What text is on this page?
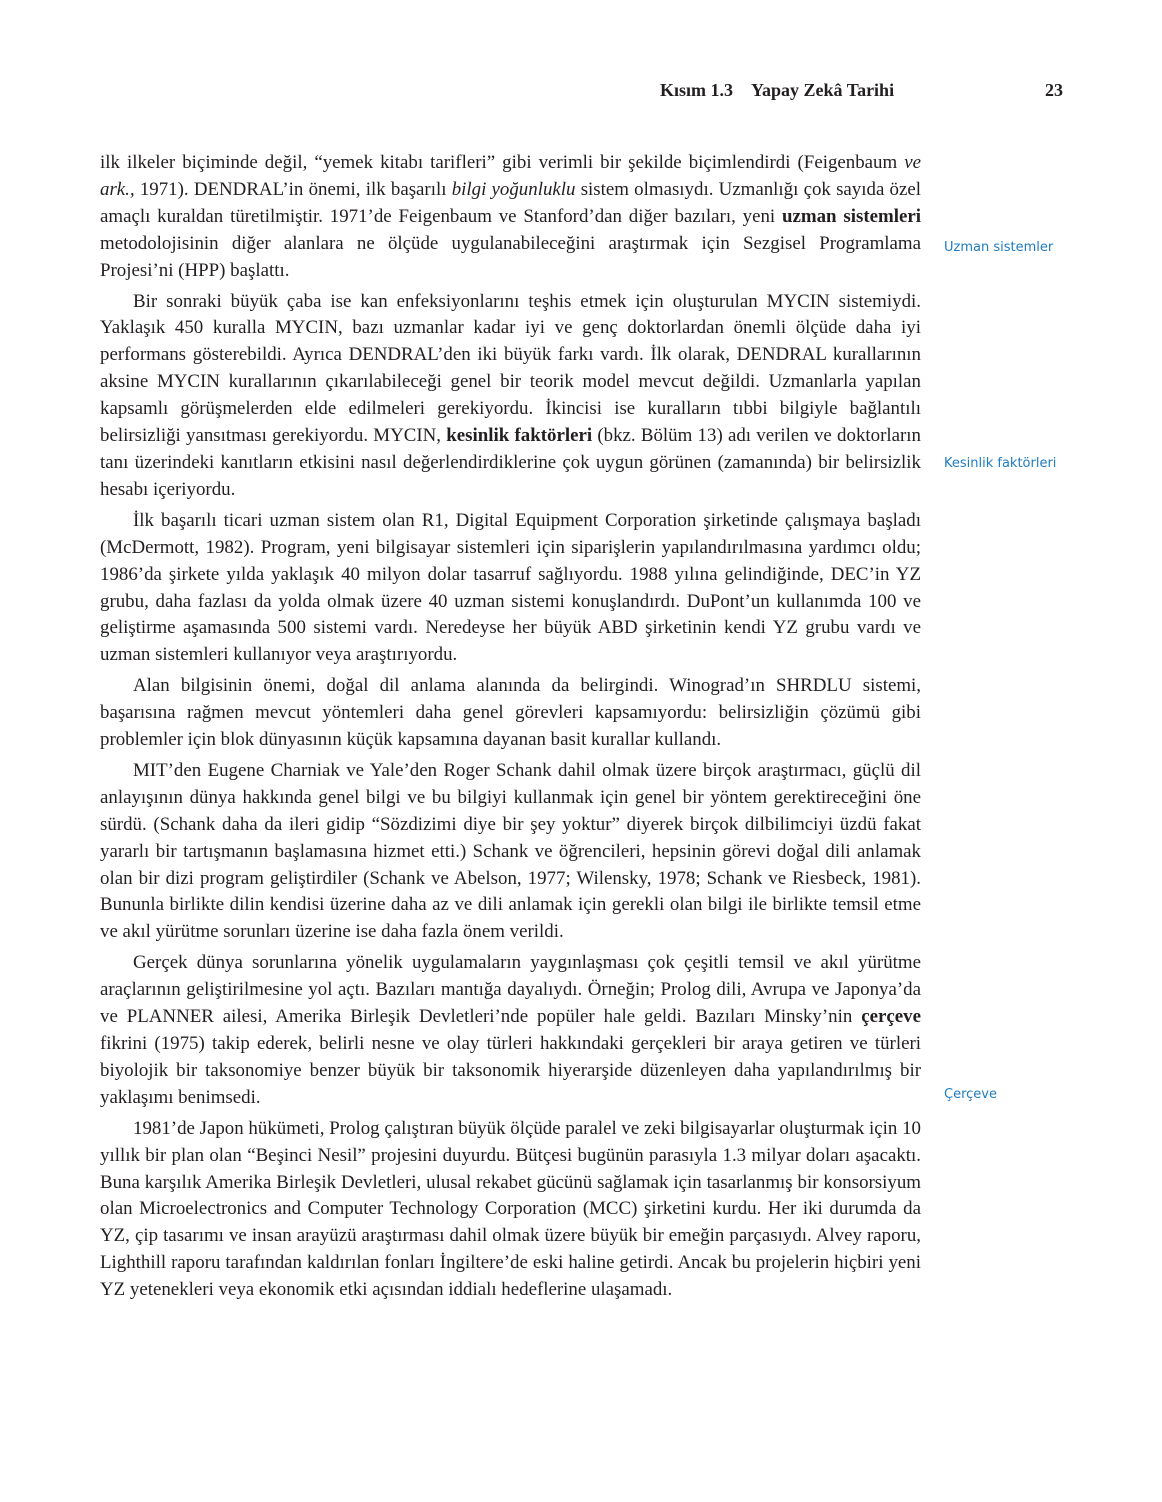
Kısım 1.3 Yapay Zekâ Tarihi	23

ilk ilkeler biçiminde değil, “yemek kitabı tarifleri” gibi verimli bir şekilde biçimlendirdi (Feigenbaum ve ark., 1971). DENDRAL’in önemi, ilk başarılı bilgi yoğunluklu sistem olmasıydı. Uzmanlığı çok sayıda özel amaçlı kuraldan türetilmiştir. 1971’de Feigenbaum ve Stanford’dan diğer bazıları, yeni uzman sistemleri metodolojisinin diğer alanlara ne ölçüde uygulanabileceğini araştırmak için Sezgisel Programlama Projesi’ni (HPP) başlattı.

Bir sonraki büyük çaba ise kan enfeksiyonlarını teşhis etmek için oluşturulan MYCIN sistemiydi. Yaklaşık 450 kuralla MYCIN, bazı uzmanlar kadar iyi ve genç doktorlardan önemli ölçüde daha iyi performans gösterebildi. Ayrıca DENDRAL’den iki büyük farkı vardı. İlk olarak, DENDRAL kurallarının aksine MYCIN kurallarının çıkarılabileceği genel bir teorik model mevcut değildi. Uzmanlarla yapılan kapsamlı görüşmelerden elde edilmeleri gerekiyordu. İkincisi ise kuralların tıbbi bilgiyle bağlantılı belirsizliği yansıtması gerekiyordu. MYCIN, kesinlik faktörleri (bkz. Bölüm 13) adı verilen ve doktorların tanı üzerindeki kanıtların etkisini nasıl değerlendirdiklerine çok uygun görünen (zamanında) bir belirsizlik hesabı içeriyordu.

İlk başarılı ticari uzman sistem olan R1, Digital Equipment Corporation şirketinde çalışmaya başladı (McDermott, 1982). Program, yeni bilgisayar sistemleri için siparişlerin yapılandırılmasına yardımcı oldu; 1986’da şirkete yılda yaklaşık 40 milyon dolar tasarruf sağlıyordu. 1988 yılına gelindiğinde, DEC’in YZ grubu, daha fazlası da yolda olmak üzere 40 uzman sistemi konuşlandırdı. DuPont’un kullanımda 100 ve geliştirme aşamasında 500 sistemi vardı. Neredeyse her büyük ABD şirketinin kendi YZ grubu vardı ve uzman sistemleri kullanıyor veya araştırıyordu.

Alan bilgisinin önemi, doğal dil anlama alanında da belirgindi. Winograd’ın SHRDLU sistemi, başarısına rağmen mevcut yöntemleri daha genel görevleri kapsamıyordu: belirsizliğin çözümü gibi problemler için blok dünyasının küçük kapsamına dayanan basit kurallar kullandı.

MIT’den Eugene Charniak ve Yale’den Roger Schank dahil olmak üzere birçok araştırmacı, güçlü dil anlayışının dünya hakkında genel bilgi ve bu bilgiyi kullanmak için genel bir yöntem gerektireceğini öne sürdü. (Schank daha da ileri gidip “Sözdizimi diye bir şey yoktur” diyerek birçok dilbilimciyi üzdü fakat yararlı bir tartışmanın başlamasına hizmet etti.) Schank ve öğrencileri, hepsinin görevi doğal dili anlamak olan bir dizi program geliştirdiler (Schank ve Abelson, 1977; Wilensky, 1978; Schank ve Riesbeck, 1981). Bununla birlikte dilin kendisi üzerine daha az ve dili anlamak için gerekli olan bilgi ile birlikte temsil etme ve akıl yürütme sorunları üzerine ise daha fazla önem verildi.

Gerçek dünya sorunlarına yönelik uygulamaların yaygınlaşması çok çeşitli temsil ve akıl yürütme araçlarının geliştirilmesine yol açtı. Bazıları mantığa dayalıydı. Örneğin; Prolog dili, Avrupa ve Japonya’da ve PLANNER ailesi, Amerika Birleşik Devletleri’nde popüler hale geldi. Bazıları Minsky’nin çerçeve fikrini (1975) takip ederek, belirli nesne ve olay türleri hakkındaki gerçekleri bir araya getiren ve türleri biyolojik bir taksonomiye benzer büyük bir taksonomik hiyerarşide düzenleyen daha yapılandırılmış bir yaklaşımı benimsedi.

1981’de Japon hükümeti, Prolog çalıştıran büyük ölçüde paralel ve zeki bilgisayarlar oluşturmak için 10 yıllık bir plan olan “Beşinci Nesil” projesini duyurdu. Bütçesi bugünün parasıyla 1.3 milyar doları aşacaktı. Buna karşılık Amerika Birleşik Devletleri, ulusal rekabet gücünü sağlamak için tasarlanmış bir konsorsiyum olan Microelectronics and Computer Technology Corporation (MCC) şirketini kurdu. Her iki durumda da YZ, çip tasarımı ve insan arayüzü araştırması dahil olmak üzere büyük bir emeğin parçasıydı. Alvey raporu, Lighthill raporu tarafından kaldırılan fonları İngiltere’de eski haline getirdi. Ancak bu projelerin hiçbiri yeni YZ yetenekleri veya ekonomik etki açısından iddialı hedeflerine ulaşamadı.

Uzman sistemler
Kesinlik faktörleri
Çerçeve
